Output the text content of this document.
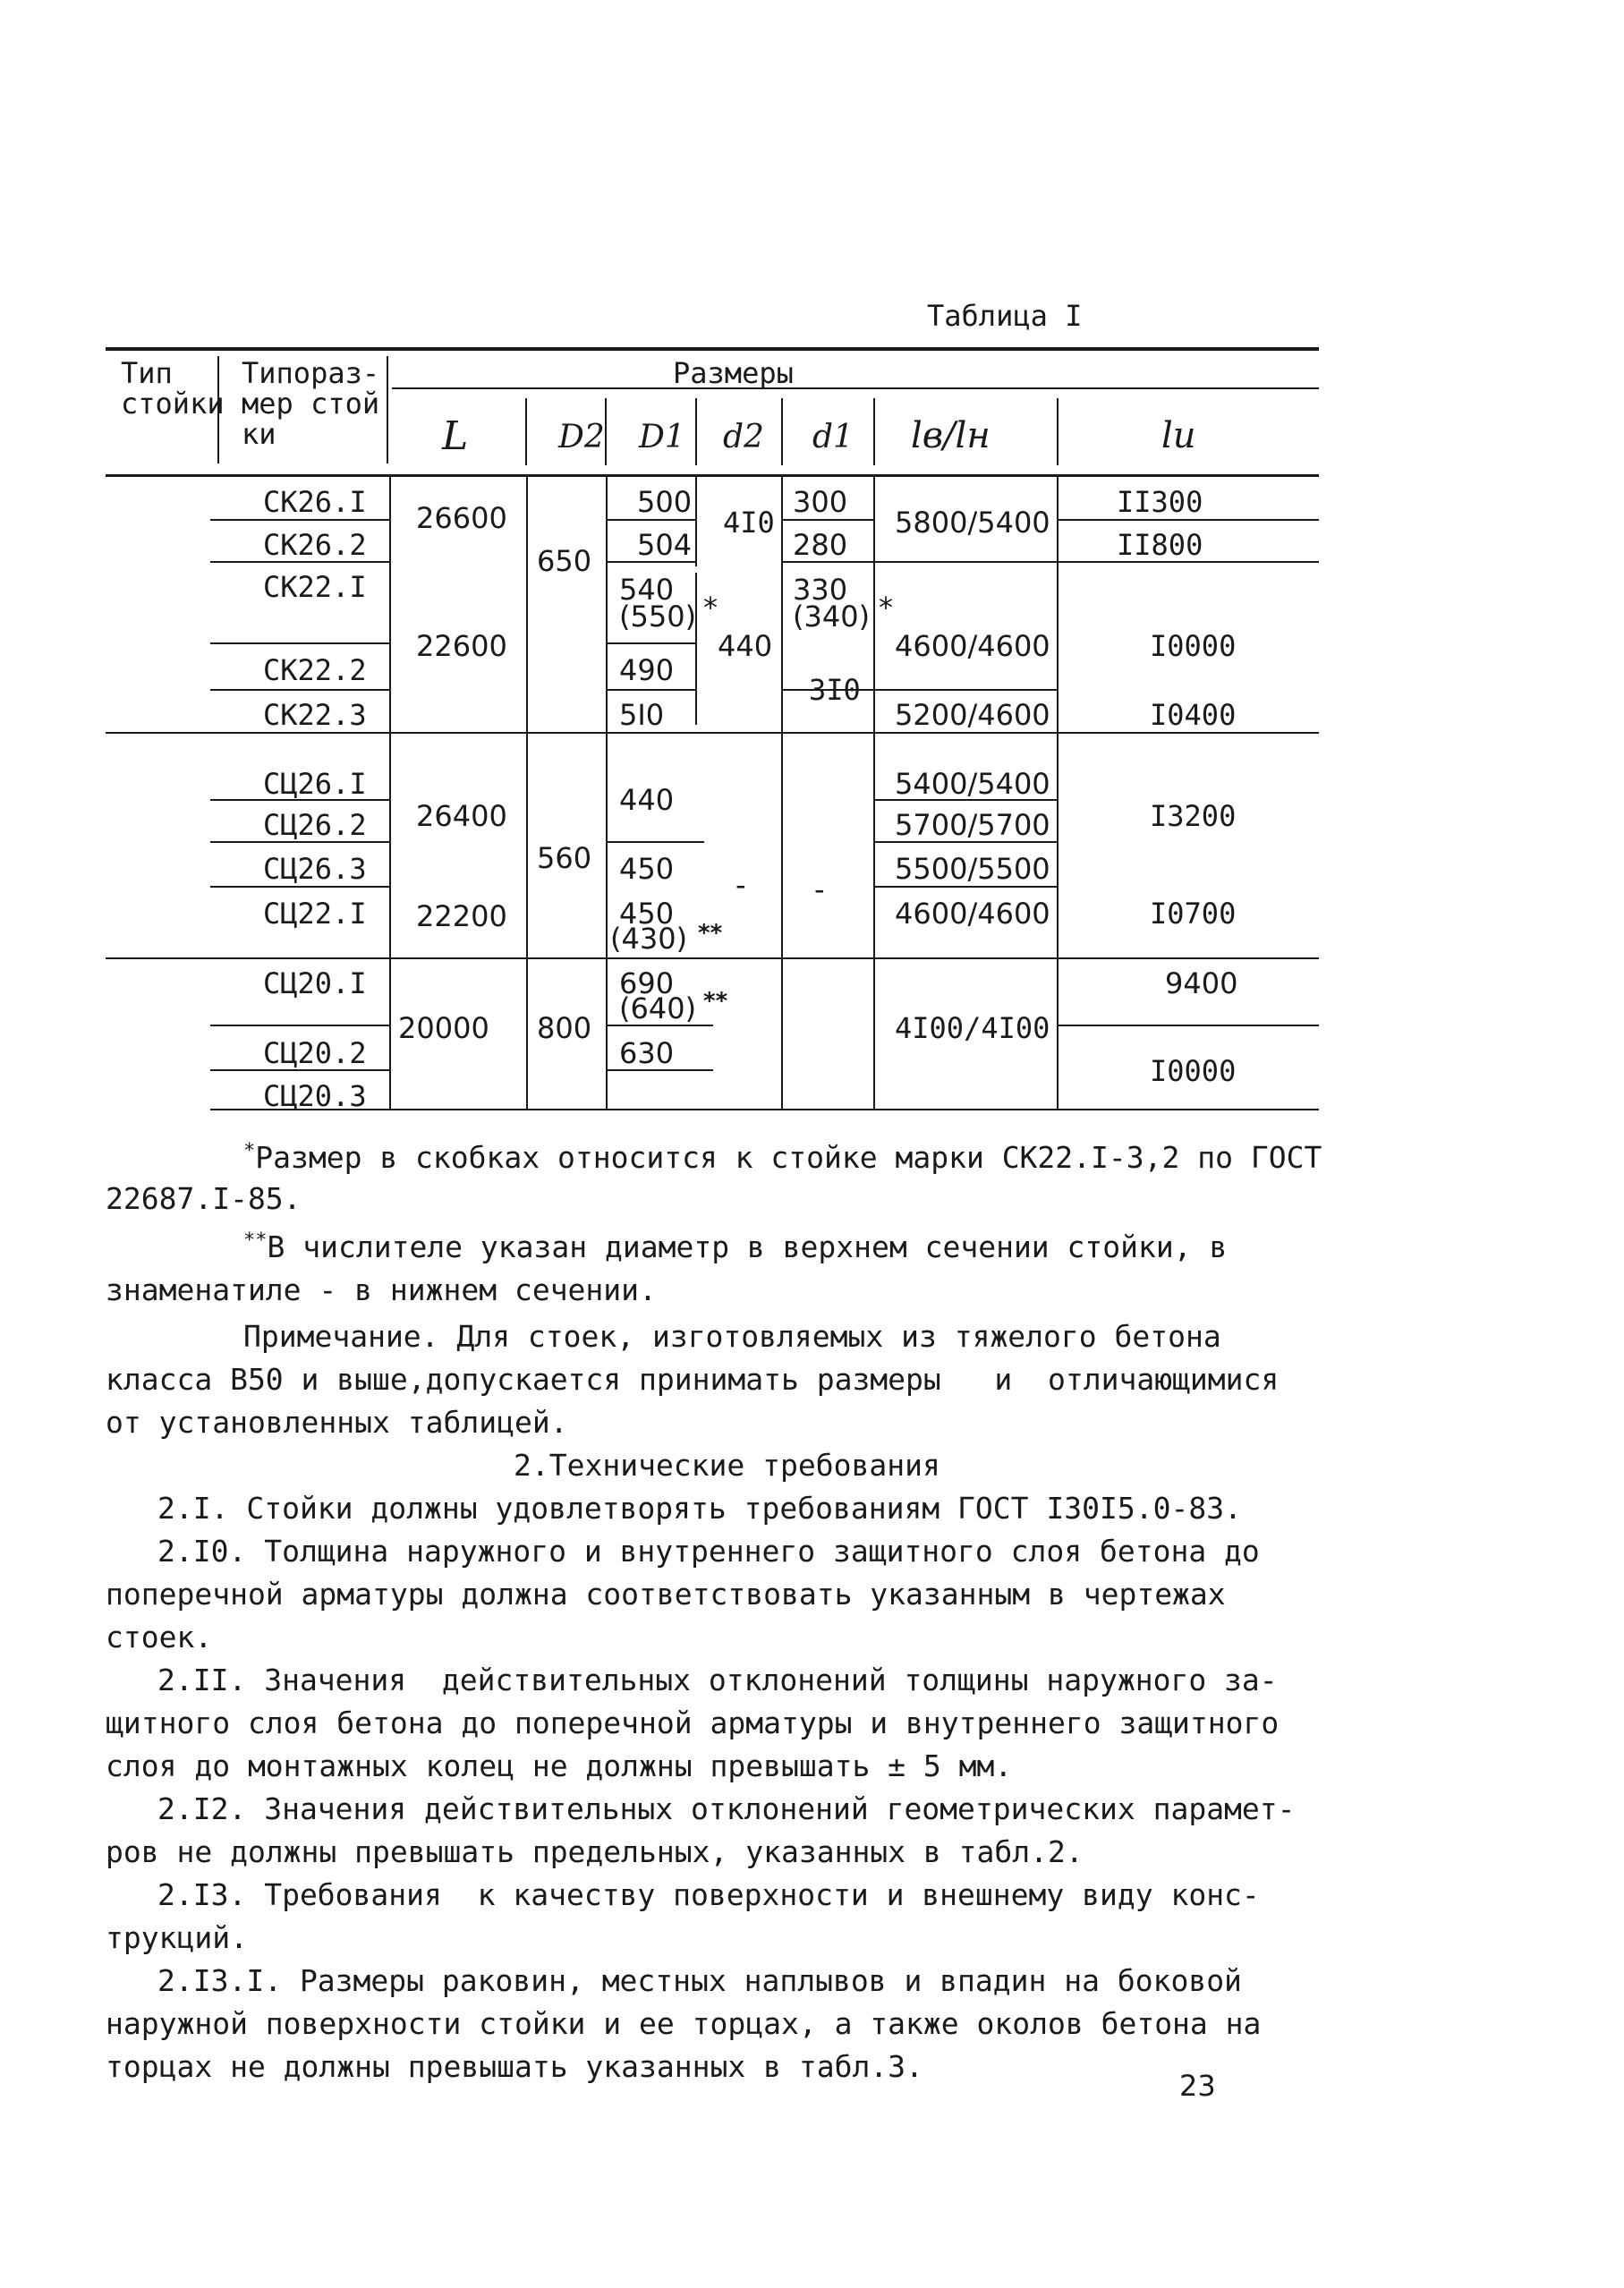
Таблица I
Тип стойки
Типораз- мер стой ки
Размеры
L	D2 D1 d2 d1 lв/lн	lu
СК26.I
СК26.2
СК22.I
СК22.2
СК22.3
СЦ26.I
СЦ26.2
СЦ26.3
СЦ22.I
СЦ20.I
СЦ20.2
СЦ20.3
26600
22600
26400
22200
20000
650
560
800
500
504
540
(550) *
490
5I0
440
450
450
(430) **
690
(640) **
630
4I0
440
-
300
280
330
(340) *
3I0
-
5800/5400
4600/4600
5200/4600
5400/5400
5700/5700
5500/5500
4600/4600
4I00/4I00
II300
II800
I0000
I0400
I3200
I0700
9400
I0000
*Размер в скобках относится к стойке марки СК22.I-3,2 по ГОСТ
22687.I-85.
**В числителе указан диаметр в верхнем сечении стойки, в
знаменатиле - в нижнем сечении.
Примечание. Для стоек, изготовляемых из тяжелого бетона
класса В50 и выше,допускается принимать размеры   и  отличающимися
от установленных таблицей.
2.Технические требования
2.I. Стойки должны удовлетворять требованиям ГОСТ I30I5.0-83.
2.I0. Толщина наружного и внутреннего защитного слоя бетона до
поперечной арматуры должна соответствовать указанным в чертежах
стоек.
2.II. Значения  действительных отклонений толщины наружного за-
щитного слоя бетона до поперечной арматуры и внутреннего защитного
слоя до монтажных колец не должны превышать ± 5 мм.
2.I2. Значения действительных отклонений геометрических парамет-
ров не должны превышать предельных, указанных в табл.2.
2.I3. Требования  к качеству поверхности и внешнему виду конс-
трукций.
2.I3.I. Размеры раковин, местных наплывов и впадин на боковой
наружной поверхности стойки и ее торцах, а также околов бетона на
торцах не должны превышать указанных в табл.3.
23
